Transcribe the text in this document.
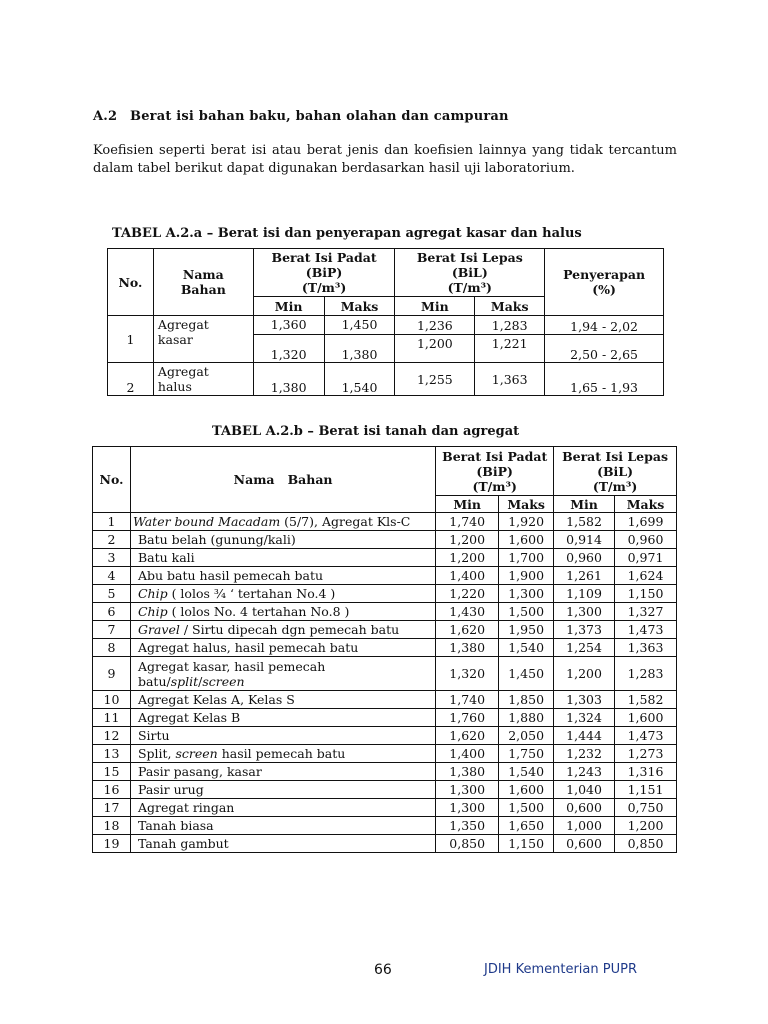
A.2 Berat isi bahan baku, bahan olahan dan campuran
Koefisien seperti berat isi atau berat jenis dan koefisien lainnya yang tidak tercantum dalam tabel berikut dapat digunakan berdasarkan hasil uji laboratorium.
TABEL A.2.a – Berat isi dan penyerapan agregat kasar dan halus
No.	Nama
Bahan	Berat Isi Padat
(BiP)
(T/m³)		Berat Isi Lepas
(BiL)
(T/m³)		Penyerapan
(%)
		Min	Maks	Min	Maks	
1	Agregat
kasar	1,360	1,450	1,236	1,283	1,94 - 2,02
		1,320	1,380	1,200	1,221	2,50 - 2,65
2	Agregat
halus	1,380	1,540	1,255	1,363	1,65 - 1,93
TABEL A.2.b – Berat isi tanah dan agregat
No.	Nama   Bahan	Berat Isi Padat
(BiP)
(T/m³)		Berat Isi Lepas
(BiL)
(T/m³)	
		Min	Maks	Min	Maks
1	Water bound Macadam (5/7), Agregat Kls-C	1,740	1,920	1,582	1,699
2	Batu belah (gunung/kali)	1,200	1,600	0,914	0,960
3	Batu kali	1,200	1,700	0,960	0,971
4	Abu batu hasil pemecah batu	1,400	1,900	1,261	1,624
5	Chip ( lolos ¾ ‘ tertahan No.4 )	1,220	1,300	1,109	1,150
6	Chip ( lolos No. 4 tertahan No.8 )	1,430	1,500	1,300	1,327
7	Gravel / Sirtu dipecah dgn pemecah batu	1,620	1,950	1,373	1,473
8	Agregat halus, hasil pemecah batu	1,380	1,540	1,254	1,363
9	Agregat kasar, hasil pemecah
batu/split/screen	1,320	1,450	1,200	1,283
10	Agregat Kelas A, Kelas S	1,740	1,850	1,303	1,582
11	Agregat Kelas B	1,760	1,880	1,324	1,600
12	Sirtu	1,620	2,050	1,444	1,473
13	Split, screen hasil pemecah batu	1,400	1,750	1,232	1,273
15	Pasir pasang, kasar	1,380	1,540	1,243	1,316
16	Pasir urug	1,300	1,600	1,040	1,151
17	Agregat ringan	1,300	1,500	0,600	0,750
18	Tanah biasa	1,350	1,650	1,000	1,200
19	Tanah gambut	0,850	1,150	0,600	0,850
66	JDIH Kementerian PUPR
